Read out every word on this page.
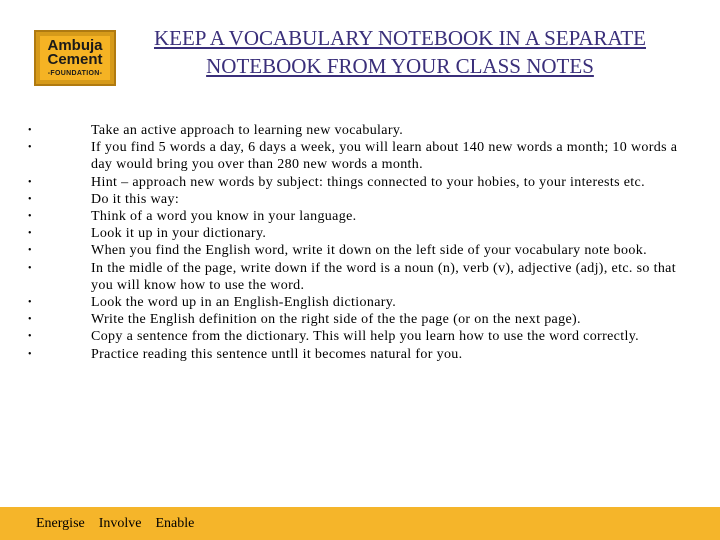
Ambuja
Cement
-FOUNDATION-
KEEP A VOCABULARY NOTEBOOK IN A SEPARATE NOTEBOOK FROM YOUR CLASS NOTES
•	Take an active approach to learning new vocabulary.
•	If you find 5 words a day, 6 days a week, you will learn about 140 new words a month; 10 words a day would bring you over than 280 new words a month.
•	Hint – approach new words by subject: things connected to your hobies, to your interests etc.
•	Do it this way:
•	Think of a word you know in your language.
•	Look it up in your dictionary.
•	When you find the English word, write it down on the left side of your vocabulary note book.
•	In the midle of the page, write down if the word is a noun (n), verb (v), adjective (adj), etc. so that you will know how to use the word.
•	Look the word up in an English-English dictionary.
•	Write the English definition on the right side of the the page (or on the next page).
•	Copy a sentence from the dictionary. This will help you learn how to use the word correctly.
•	Practice reading this sentence untll it becomes natural for you.
Energise Involve Enable
